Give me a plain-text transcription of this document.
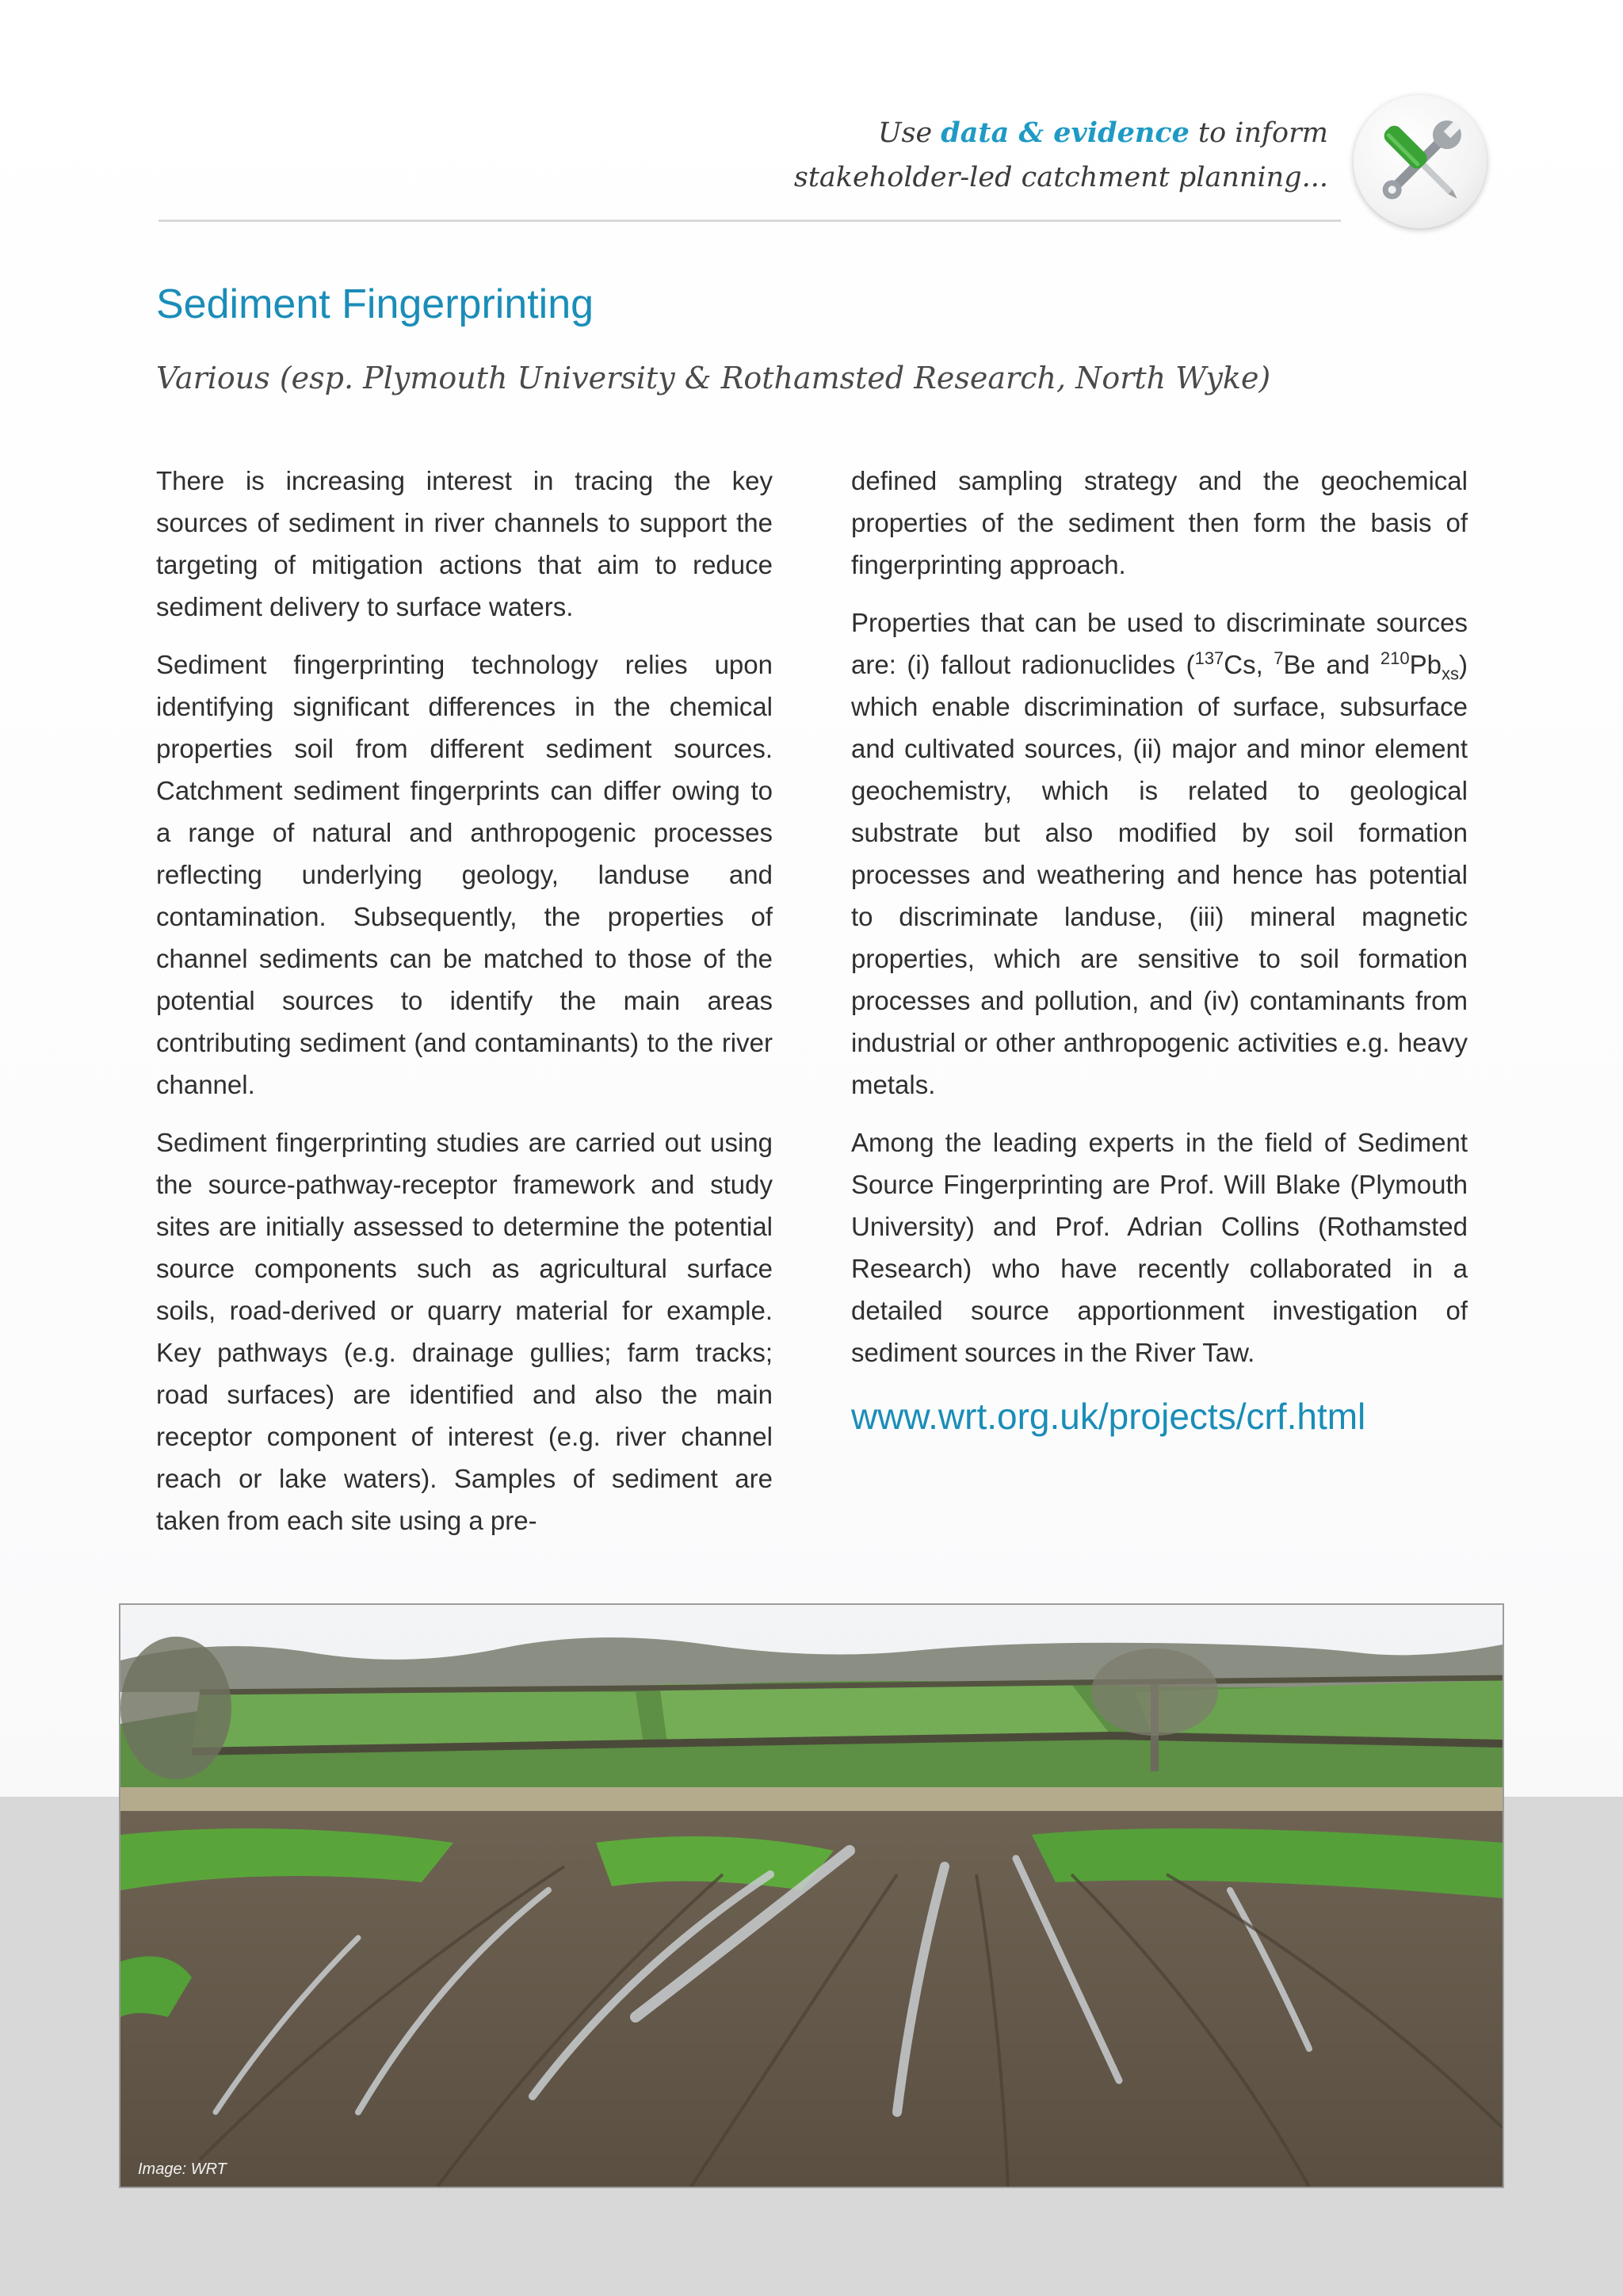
Use data & evidence to inform
stakeholder-led catchment planning...
Sediment Fingerprinting
Various (esp. Plymouth University & Rothamsted Research, North Wyke)

There is increasing interest in tracing the key sources of sediment in river channels to support the targeting of mitigation actions that aim to reduce sediment delivery to surface waters.

Sediment fingerprinting technology relies upon identifying significant differences in the chemical properties soil from different sediment sources. Catchment sediment fingerprints can differ owing to a range of natural and anthropogenic processes reflecting underlying geology, landuse and contamination. Subsequently, the properties of channel sediments can be matched to those of the potential sources to identify the main areas contributing sediment (and contaminants) to the river channel.

Sediment fingerprinting studies are carried out using the source-pathway-receptor framework and study sites are initially assessed to determine the potential source components such as agricultural surface soils, road-derived or quarry material for example. Key pathways (e.g. drainage gullies; farm tracks; road surfaces) are identified and also the main receptor component of interest (e.g. river channel reach or lake waters). Samples of sediment are taken from each site using a pre-

defined sampling strategy and the geochemical properties of the sediment then form the basis of fingerprinting approach.

Properties that can be used to discriminate sources are: (i) fallout radionuclides ($^{137}$Cs, $^7$Be and $^{210}Pb_{xs}$) which enable discrimination of surface, subsurface and cultivated sources, (ii) major and minor element geochemistry, which is related to geological substrate but also modified by soil formation processes and weathering and hence has potential to discriminate landuse, (iii) mineral magnetic properties, which are sensitive to soil formation processes and pollution, and (iv) contaminants from industrial or other anthropogenic activities e.g. heavy metals.

Among the leading experts in the field of Sediment Source Fingerprinting are Prof. Will Blake (Plymouth University) and Prof. Adrian Collins (Rothamsted Research) who have recently collaborated in a detailed source apportionment investigation of sediment sources in the River Taw.

www.wrt.org.uk/projects/crf.html
Image: WRT
